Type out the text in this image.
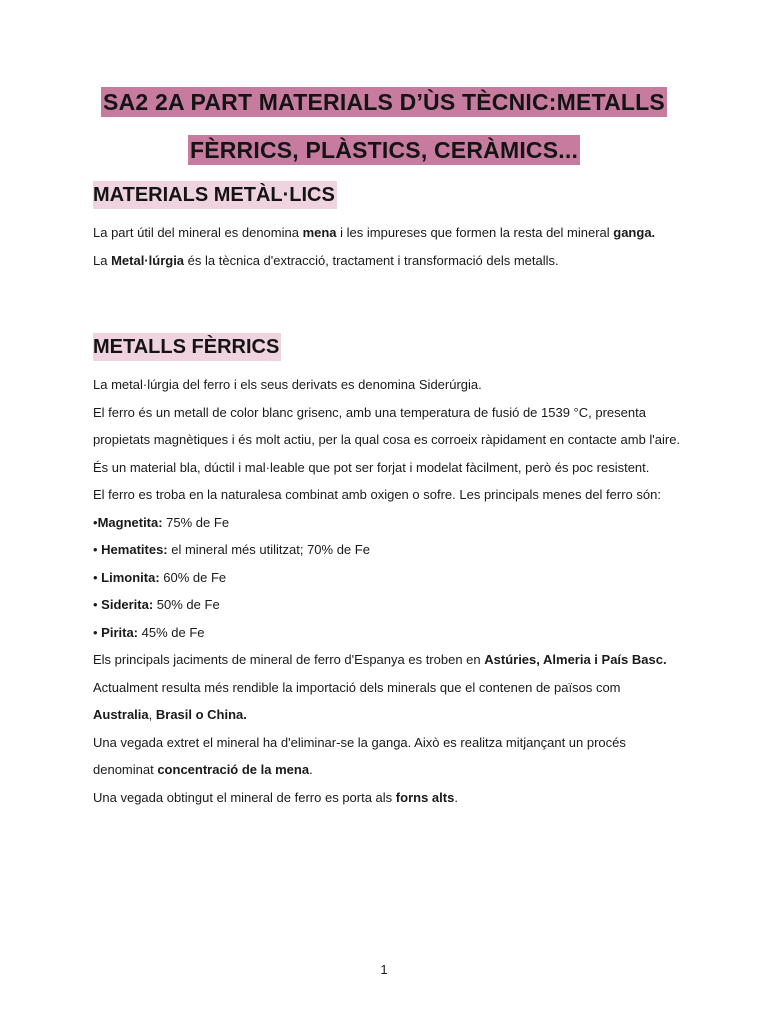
SA2 2A PART MATERIALS D’ÙS TÈCNIC:METALLS
FÈRRICS, PLÀSTICS, CERÀMICS...
MATERIALS METÀL·LICS

La part útil del mineral es denomina mena i les impureses que formen la resta del mineral ganga.

La Metal·lúrgia és la tècnica d'extracció, tractament i transformació dels metalls.

METALLS FÈRRICS

La metal·lúrgia del ferro i els seus derivats es denomina Siderúrgia.

El ferro és un metall de color blanc grisenc, amb una temperatura de fusió de 1539 °C, presenta propietats magnètiques i és molt actiu, per la qual cosa es corroeix ràpidament en contacte amb l'aire. És un material bla, dúctil i mal·leable que pot ser forjat i modelat fàcilment, però és poc resistent.

El ferro es troba en la naturalesa combinat amb oxigen o sofre. Les principals menes del ferro són:

•Magnetita: 75% de Fe

• Hematites: el mineral més utilitzat; 70% de Fe

• Limonita: 60% de Fe

• Siderita: 50% de Fe

• Pirita: 45% de Fe

Els principals jaciments de mineral de ferro d'Espanya es troben en Astúries, Almeria i País Basc.

Actualment resulta més rendible la importació dels minerals que el contenen de països com Australia, Brasil o China.

Una vegada extret el mineral ha d'eliminar-se la ganga. Això es realitza mitjançant un procés denominat concentració de la mena.

Una vegada obtingut el mineral de ferro es porta als forns alts.

1
